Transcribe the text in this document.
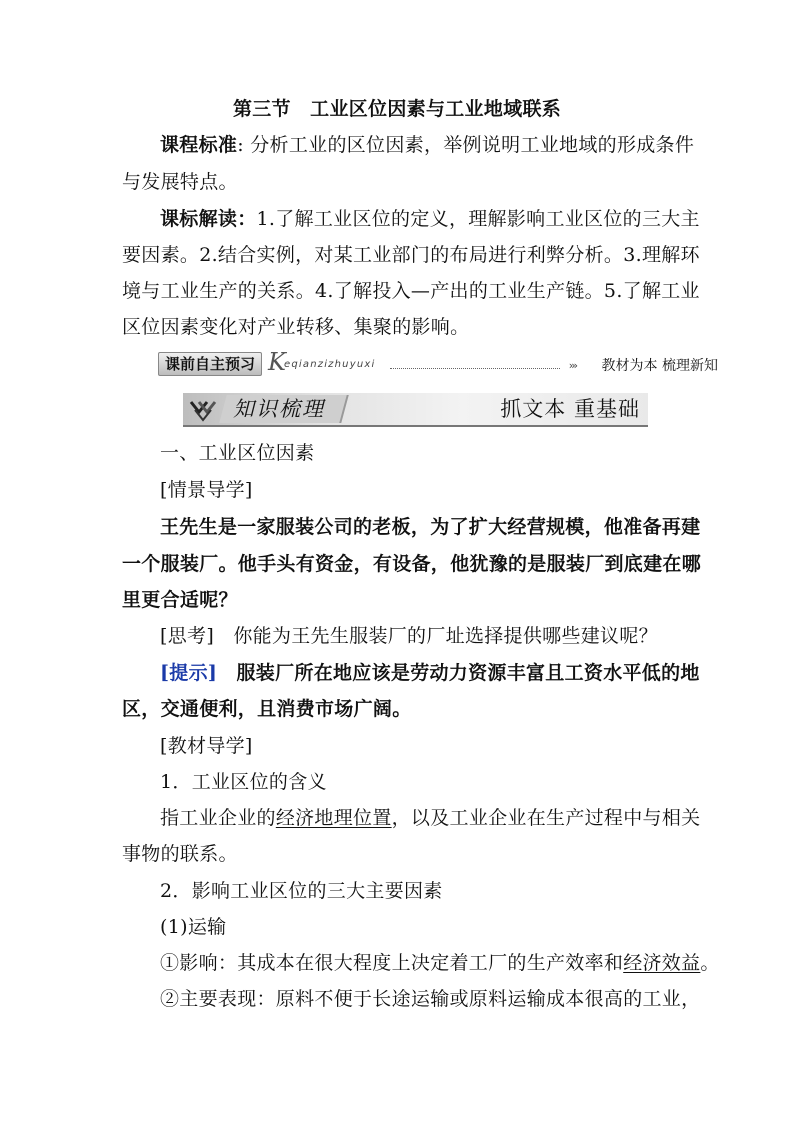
第三节　工业区位因素与工业地域联系
课程标准: 分析工业的区位因素，举例说明工业地域的形成条件
与发展特点。
课标解读：1.了解工业区位的定义，理解影响工业区位的三大主
要因素。2.结合实例，对某工业部门的布局进行利弊分析。3.理解环
境与工业生产的关系。4.了解投入—产出的工业生产链。5.了解工业
区位因素变化对产业转移、集聚的影响。
课前自主预习 K
eqianzizhuyuxi	››› 教材为本 梳理新知
知识梳理	抓文本 重基础
一、工业区位因素
[情景导学]
王先生是一家服装公司的老板，为了扩大经营规模，他准备再建
一个服装厂。他手头有资金，有设备，他犹豫的是服装厂到底建在哪
里更合适呢？
[思考]　 你能为王先生服装厂的厂址选择提供哪些建议呢？
[提示]　 服装厂所在地应该是劳动力资源丰富且工资水平低的地
区，交通便利，且消费市场广阔。
[教材导学]
1．工业区位的含义
指工业企业的经济地理位置，以及工业企业在生产过程中与相关
事物的联系。
2．影响工业区位的三大主要因素
(1)运输
①影响：其成本在很大程度上决定着工厂的生产效率和经济效益。
②主要表现：原料不便于长途运输或原料运输成本很高的工业，
